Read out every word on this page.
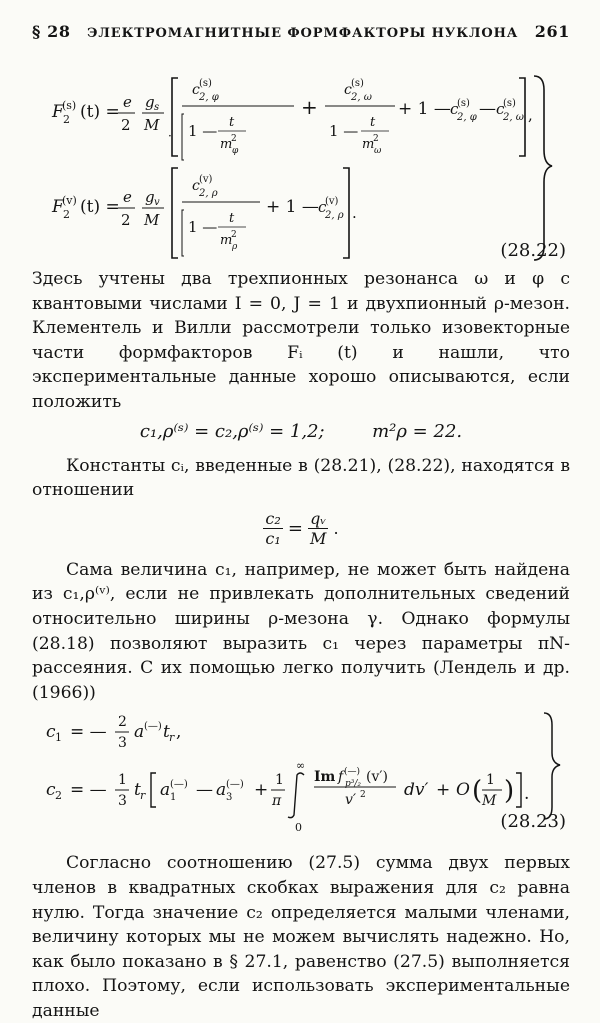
§ 28 ЭЛЕКТРОМАГНИТНЫЕ ФОРМФАКТОРЫ НУКЛОНА 261
F 2
(s) (t) = e
2
g s
M
·
c (s)
2, φ
1 — t
m
2
φ
+
c (s)
2, ω
1 — t
m
2
ω
+ 1 — c
(s)
2, φ — c
(s)
2, ω ,
F 2
(v) (t) = e
2
g v
M
c (v)
2, ρ
1 — t
m
2
ρ
+ 1 — c
(v)
2, ρ .
(28.22)

Здесь учтены два трехпионных резонанса ω и φ с квантовыми числами I = 0, J = 1 и двухпионный ρ-мезон. Клементель и Вилли рассмотрели только изовекторные части формфакторов Fᵢ (t) и нашли, что экспериментальные данные хорошо описываются, если положить

c₁,ρ⁽ˢ⁾ = c₂,ρ⁽ˢ⁾ = 1,2;	m²ρ = 22.

Константы cᵢ, введенные в (28.21), (28.22), находятся в отношении

$\frac{\text{c₂}}{\text{c₁}} = \frac{\text{qᵥ}}{M}$ .

Сама величина c₁, например, не может быть найдена из c₁,ρ⁽ᵛ⁾, если не привлекать дополнительных сведений относительно ширины ρ-мезона γ. Однако формулы (28.18) позволяют выразить c₁ через параметры πN-рассеяния. С их помощью легко получить (Лендель и др. (1966))

c 1 = — 2
3
a (—) t r ,
c 2 = — 1
3
t r a 1
(—) — a 3
(—) + 1
π
∞
0
Im f (—)
p³/₂ (v′)
v′ 2 dv′ + O ( 1
M ) .
(28.23)

Согласно соотношению (27.5) сумма двух первых членов в квадратных скобках выражения для c₂ равна нулю. Тогда значение c₂ определяется малыми членами, величину которых мы не можем вычислять надежно. Но, как было показано в § 27.1, равенство (27.5) выполняется плохо. Поэтому, если использовать экспериментальные данные
